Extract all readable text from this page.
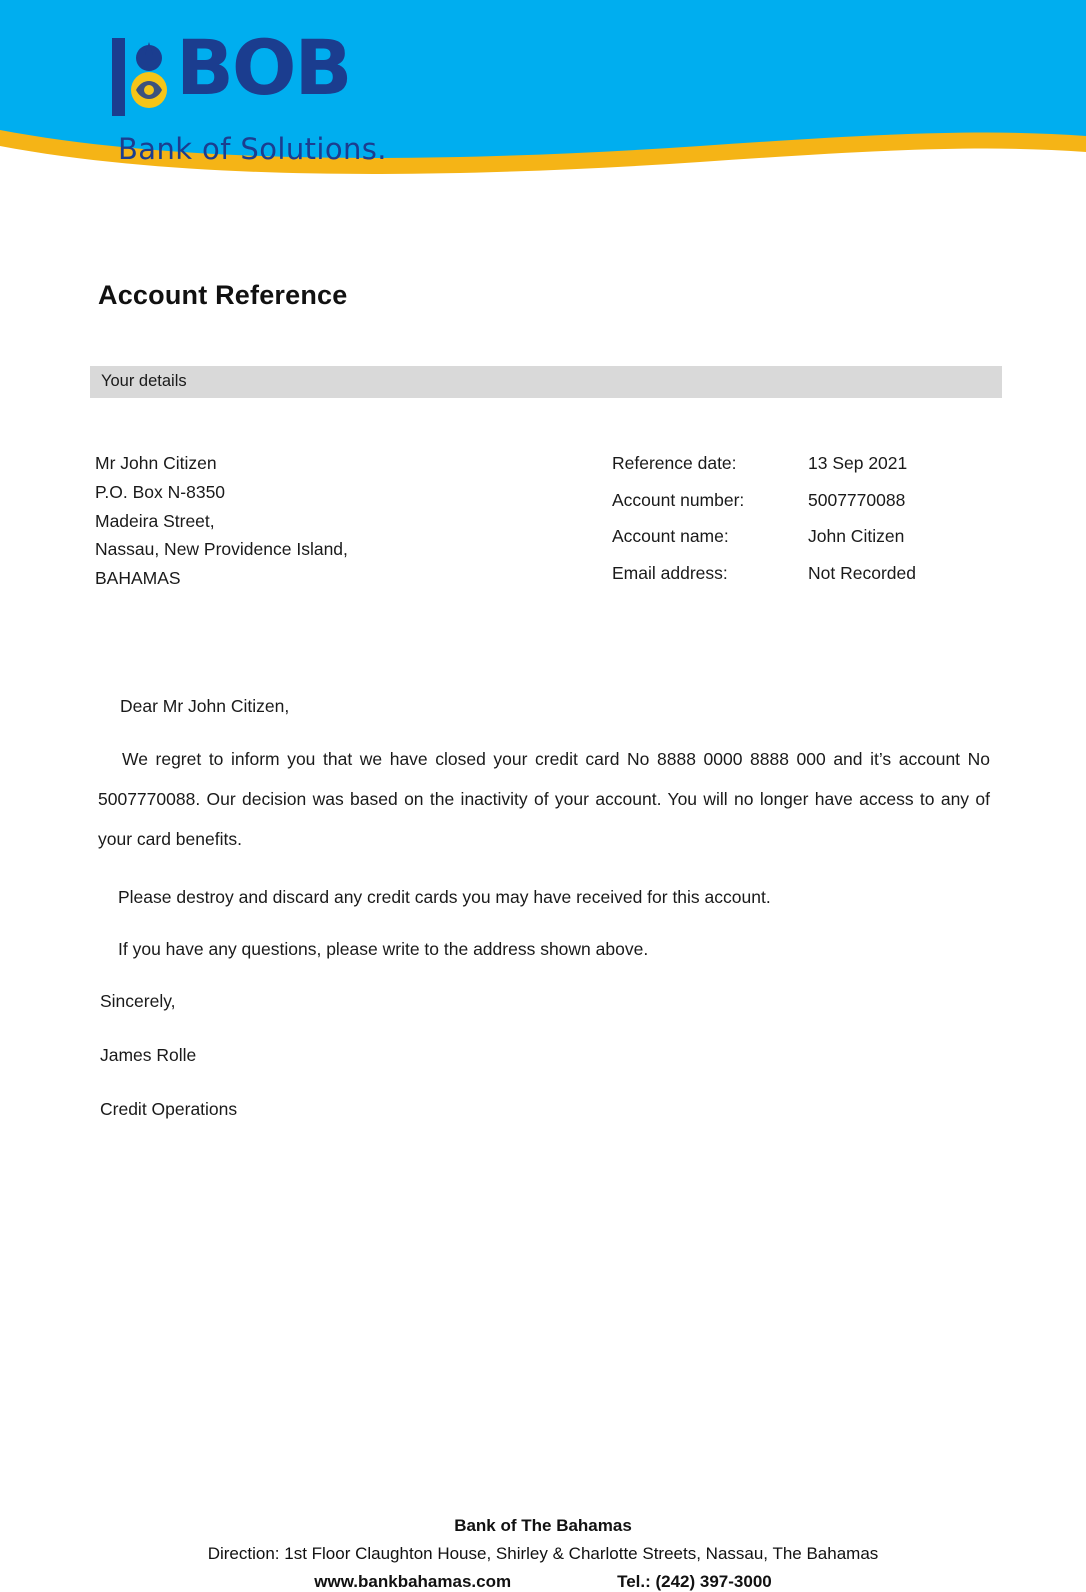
BOB
Bank of Solutions.
Account Reference
Your details
Mr John Citizen
P.O. Box N-8350
Madeira Street,
Nassau, New Providence Island,
BAHAMAS
Reference date:	13 Sep 2021
Account number:	5007770088
Account name:	John Citizen
Email address:	Not Recorded

Dear Mr John Citizen,

We regret to inform you that we have closed your credit card No 8888 0000 8888 000 and it’s account No 5007770088. Our decision was based on the inactivity of your account. You will no longer have access to any of your card benefits.

Please destroy and discard any credit cards you may have received for this account.

If you have any questions, please write to the address shown above.

Sincerely,

James Rolle

Credit Operations

Bank of The Bahamas
Direction: 1st Floor Claughton House, Shirley & Charlotte Streets, Nassau, The Bahamas
www.bankbahamas.com	Tel.: (242) 397-3000
